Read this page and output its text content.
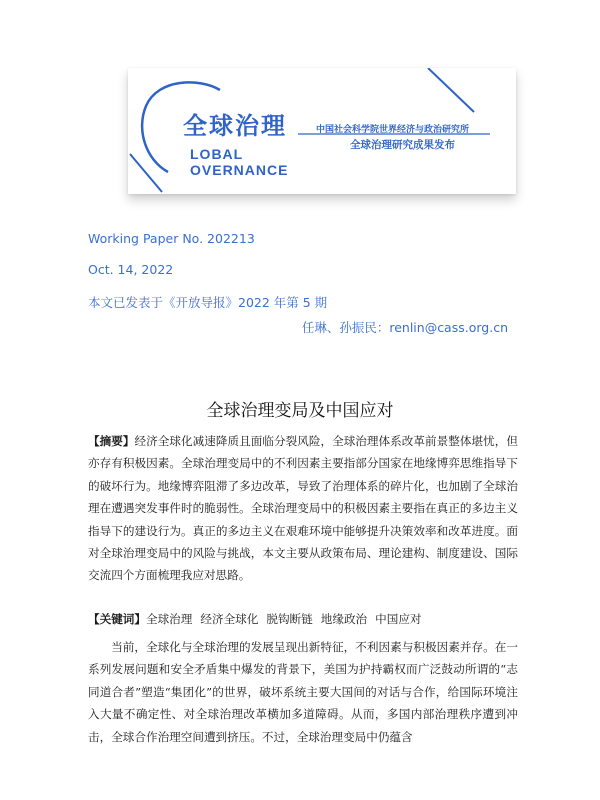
全球治理
LOBAL
OVERNANCE
中国社会科学院世界经济与政治研究所
全球治理研究成果发布
Working Paper No. 202213
Oct. 14, 2022
本文已发表于《开放导报》2022 年第 5 期
任琳、孙振民：renlin@cass.org.cn
全球治理变局及中国应对

【摘要】经济全球化减速降质且面临分裂风险，全球治理体系改革前景整体堪忧，但亦存有积极因素。全球治理变局中的不利因素主要指部分国家在地缘博弈思维指导下的破坏行为。地缘博弈阻滞了多边改革，导致了治理体系的碎片化，也加剧了全球治理在遭遇突发事件时的脆弱性。全球治理变局中的积极因素主要指在真正的多边主义指导下的建设行为。真正的多边主义在艰难环境中能够提升决策效率和改革进度。面对全球治理变局中的风险与挑战，本文主要从政策布局、理论建构、制度建设、国际交流四个方面梳理我应对思路。

【关键词】全球治理 经济全球化 脱钩断链 地缘政治 中国应对

当前，全球化与全球治理的发展呈现出新特征，不利因素与积极因素并存。在一系列发展问题和安全矛盾集中爆发的背景下，美国为护持霸权而广泛鼓动所谓的“志同道合者”塑造“集团化”的世界，破坏系统主要大国间的对话与合作，给国际环境注入大量不确定性、对全球治理改革横加多道障碍。从而，多国内部治理秩序遭到冲击，全球合作治理空间遭到挤压。不过，全球治理变局中仍蕴含
